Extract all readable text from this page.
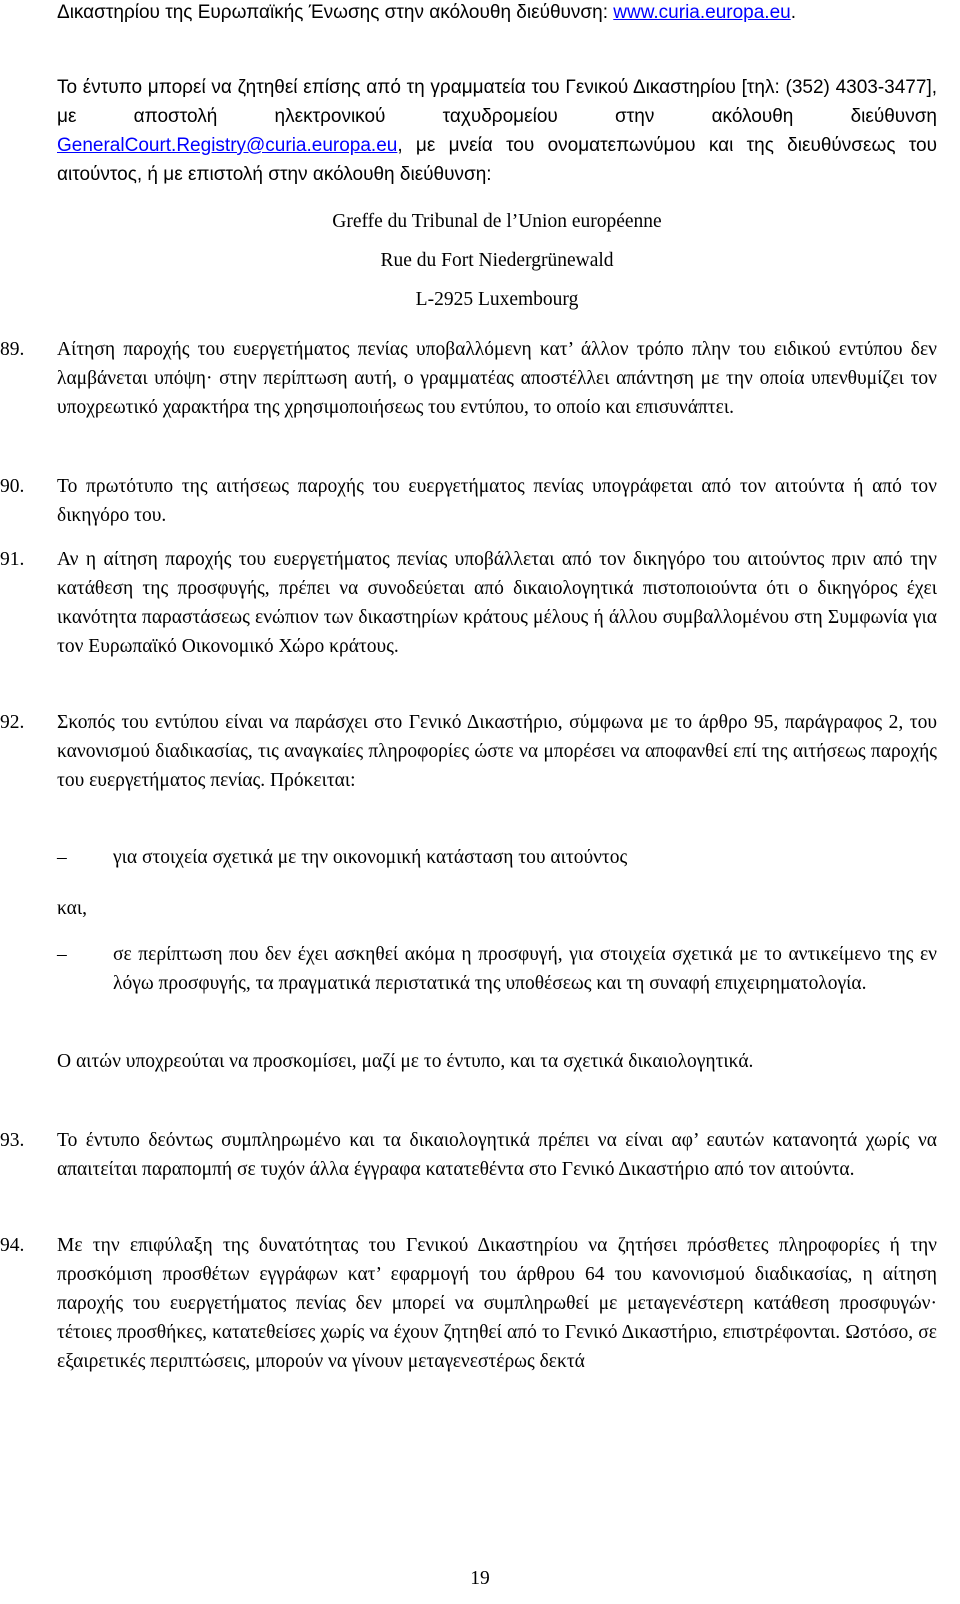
Δικαστηρίου της Ευρωπαϊκής Ένωσης στην ακόλουθη διεύθυνση: www.curia.europa.eu.
Το έντυπο μπορεί να ζητηθεί επίσης από τη γραμματεία του Γενικού Δικαστηρίου [τηλ: (352) 4303-3477], με αποστολή ηλεκτρονικού ταχυδρομείου στην ακόλουθη διεύθυνση GeneralCourt.Registry@curia.europa.eu, με μνεία του ονοματεπωνύμου και της διευθύνσεως του αιτούντος, ή με επιστολή στην ακόλουθη διεύθυνση:
Greffe du Tribunal de l’Union européenne
Rue du Fort Niedergrünewald
L-2925 Luxembourg
89.	Αίτηση παροχής του ευεργετήματος πενίας υποβαλλόμενη κατ’ άλλον τρόπο πλην του ειδικού εντύπου δεν λαμβάνεται υπόψη· στην περίπτωση αυτή, ο γραμματέας αποστέλλει απάντηση με την οποία υπενθυμίζει τον υποχρεωτικό χαρακτήρα της χρησιμοποιήσεως του εντύπου, το οποίο και επισυνάπτει.
90.	Το πρωτότυπο της αιτήσεως παροχής του ευεργετήματος πενίας υπογράφεται από τον αιτούντα ή από τον δικηγόρο του.
91.	Αν η αίτηση παροχής του ευεργετήματος πενίας υποβάλλεται από τον δικηγόρο του αιτούντος πριν από την κατάθεση της προσφυγής, πρέπει να συνοδεύεται από δικαιολογητικά πιστοποιούντα ότι ο δικηγόρος έχει ικανότητα παραστάσεως ενώπιον των δικαστηρίων κράτους μέλους ή άλλου συμβαλλομένου στη Συμφωνία για τον Ευρωπαϊκό Οικονομικό Χώρο κράτους.
92.	Σκοπός του εντύπου είναι να παράσχει στο Γενικό Δικαστήριο, σύμφωνα με το άρθρο 95, παράγραφος 2, του κανονισμού διαδικασίας, τις αναγκαίες πληροφορίες ώστε να μπορέσει να αποφανθεί επί της αιτήσεως παροχής του ευεργετήματος πενίας. Πρόκειται:
–	για στοιχεία σχετικά με την οικονομική κατάσταση του αιτούντος
και,
–	σε περίπτωση που δεν έχει ασκηθεί ακόμα η προσφυγή, για στοιχεία σχετικά με το αντικείμενο της εν λόγω προσφυγής, τα πραγματικά περιστατικά της υποθέσεως και τη συναφή επιχειρηματολογία.
Ο αιτών υποχρεούται να προσκομίσει, μαζί με το έντυπο, και τα σχετικά δικαιολογητικά.
93.	Το έντυπο δεόντως συμπληρωμένο και τα δικαιολογητικά πρέπει να είναι αφ’ εαυτών κατανοητά χωρίς να απαιτείται παραπομπή σε τυχόν άλλα έγγραφα κατατεθέντα στο Γενικό Δικαστήριο από τον αιτούντα.
94.	Με την επιφύλαξη της δυνατότητας του Γενικού Δικαστηρίου να ζητήσει πρόσθετες πληροφορίες ή την προσκόμιση προσθέτων εγγράφων κατ’ εφαρμογή του άρθρου 64 του κανονισμού διαδικασίας, η αίτηση παροχής του ευεργετήματος πενίας δεν μπορεί να συμπληρωθεί με μεταγενέστερη κατάθεση προσφυγών· τέτοιες προσθήκες, κατατεθείσες χωρίς να έχουν ζητηθεί από το Γενικό Δικαστήριο, επιστρέφονται. Ωστόσο, σε εξαιρετικές περιπτώσεις, μπορούν να γίνουν μεταγενεστέρως δεκτά
19
